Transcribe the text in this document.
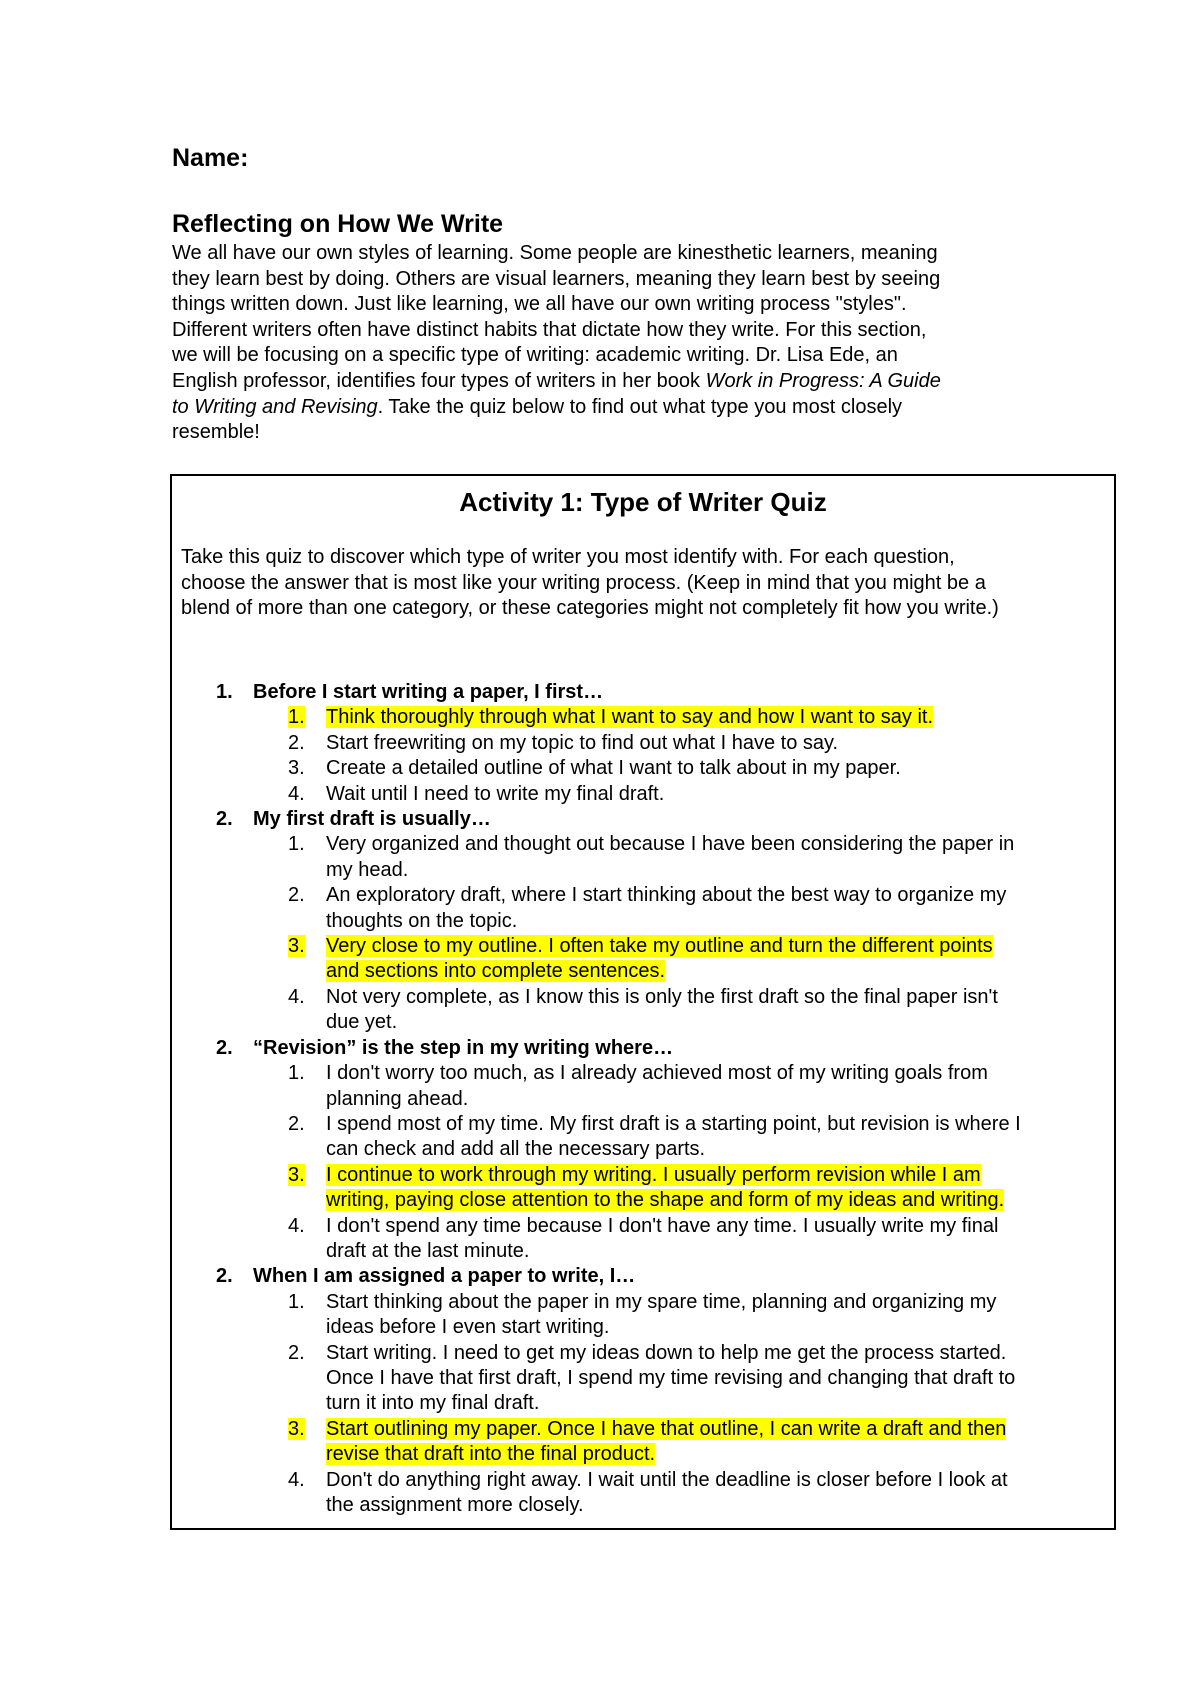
Name:
Reflecting on How We Write
We all have our own styles of learning. Some people are kinesthetic learners, meaning
they learn best by doing. Others are visual learners, meaning they learn best by seeing
things written down. Just like learning, we all have our own writing process "styles".
Different writers often have distinct habits that dictate how they write. For this section,
we will be focusing on a specific type of writing: academic writing. Dr. Lisa Ede, an
English professor, identifies four types of writers in her book Work in Progress: A Guide
to Writing and Revising. Take the quiz below to find out what type you most closely
resemble!
Activity 1: Type of Writer Quiz
Take this quiz to discover which type of writer you most identify with. For each question,
choose the answer that is most like your writing process. (Keep in mind that you might be a
blend of more than one category, or these categories might not completely fit how you write.)
1. Before I start writing a paper, I first…
1. Think thoroughly through what I want to say and how I want to say it.
2. Start freewriting on my topic to find out what I have to say.
3. Create a detailed outline of what I want to talk about in my paper.
4. Wait until I need to write my final draft.
2. My first draft is usually…
1. Very organized and thought out because I have been considering the paper in
my head.
2. An exploratory draft, where I start thinking about the best way to organize my
thoughts on the topic.
3. Very close to my outline. I often take my outline and turn the different points
and sections into complete sentences.
4. Not very complete, as I know this is only the first draft so the final paper isn't
due yet.
2. “Revision” is the step in my writing where…
1. I don't worry too much, as I already achieved most of my writing goals from
planning ahead.
2. I spend most of my time. My first draft is a starting point, but revision is where I
can check and add all the necessary parts.
3. I continue to work through my writing. I usually perform revision while I am
writing, paying close attention to the shape and form of my ideas and writing.
4. I don't spend any time because I don't have any time. I usually write my final
draft at the last minute.
2. When I am assigned a paper to write, I…
1. Start thinking about the paper in my spare time, planning and organizing my
ideas before I even start writing.
2. Start writing. I need to get my ideas down to help me get the process started.
Once I have that first draft, I spend my time revising and changing that draft to
turn it into my final draft.
3. Start outlining my paper. Once I have that outline, I can write a draft and then
revise that draft into the final product.
4. Don't do anything right away. I wait until the deadline is closer before I look at
the assignment more closely.
